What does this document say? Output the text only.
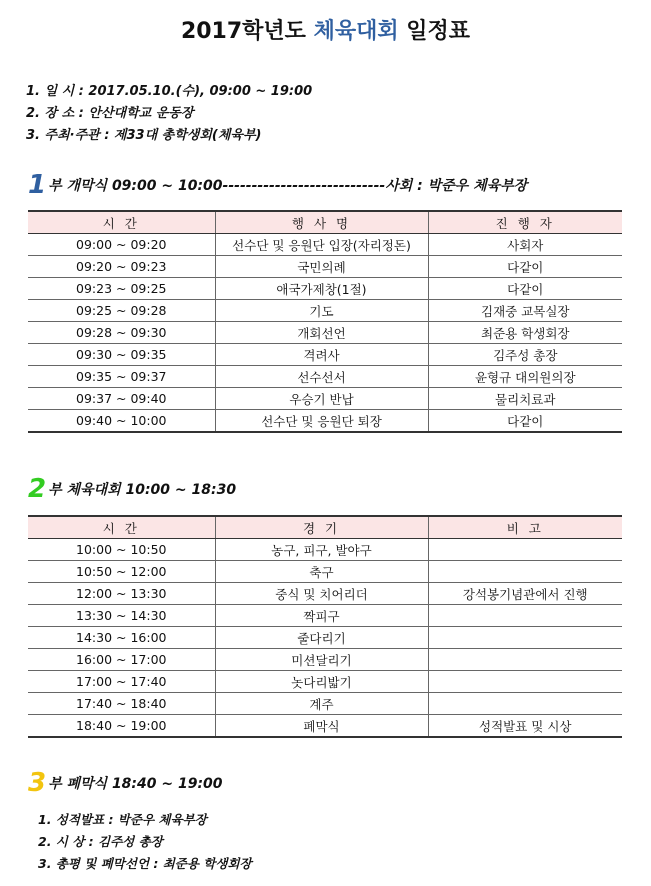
2017학년도 체육대회 일정표
1. 일 시 : 2017.05.10.(수), 09:00 ~ 19:00
2. 장 소 : 안산대학교 운동장
3. 주최·주관 : 제33대 총학생회(체육부)
1 부 개막식 09:00 ~ 10:00----------------------------사회 : 박준우 체육부장
시 간	행 사 명	진 행 자
09:00 ~ 09:20	선수단 및 응원단 입장(자리정돈)	사회자
09:20 ~ 09:23	국민의례	다같이
09:23 ~ 09:25	애국가제창(1절)	다같이
09:25 ~ 09:28	기도	김재중 교목실장
09:28 ~ 09:30	개회선언	최준용 학생회장
09:30 ~ 09:35	격려사	김주성 총장
09:35 ~ 09:37	선수선서	윤형규 대의원의장
09:37 ~ 09:40	우승기 반납	물리치료과
09:40 ~ 10:00	선수단 및 응원단 퇴장	다같이
2 부 체육대회 10:00 ~ 18:30
시 간	경 기	비 고
10:00 ~ 10:50	농구, 피구, 발야구	
10:50 ~ 12:00	축구	
12:00 ~ 13:30	중식 및 치어리더	강석봉기념관에서 진행
13:30 ~ 14:30	짝피구	
14:30 ~ 16:00	줄다리기	
16:00 ~ 17:00	미션달리기	
17:00 ~ 17:40	놋다리밟기	
17:40 ~ 18:40	계주	
18:40 ~ 19:00	폐막식	성적발표 및 시상
3 부 폐막식 18:40 ~ 19:00
1. 성적발표 : 박준우 체육부장
2. 시 상 : 김주성 총장
3. 총평 및 폐막선언 : 최준용 학생회장
